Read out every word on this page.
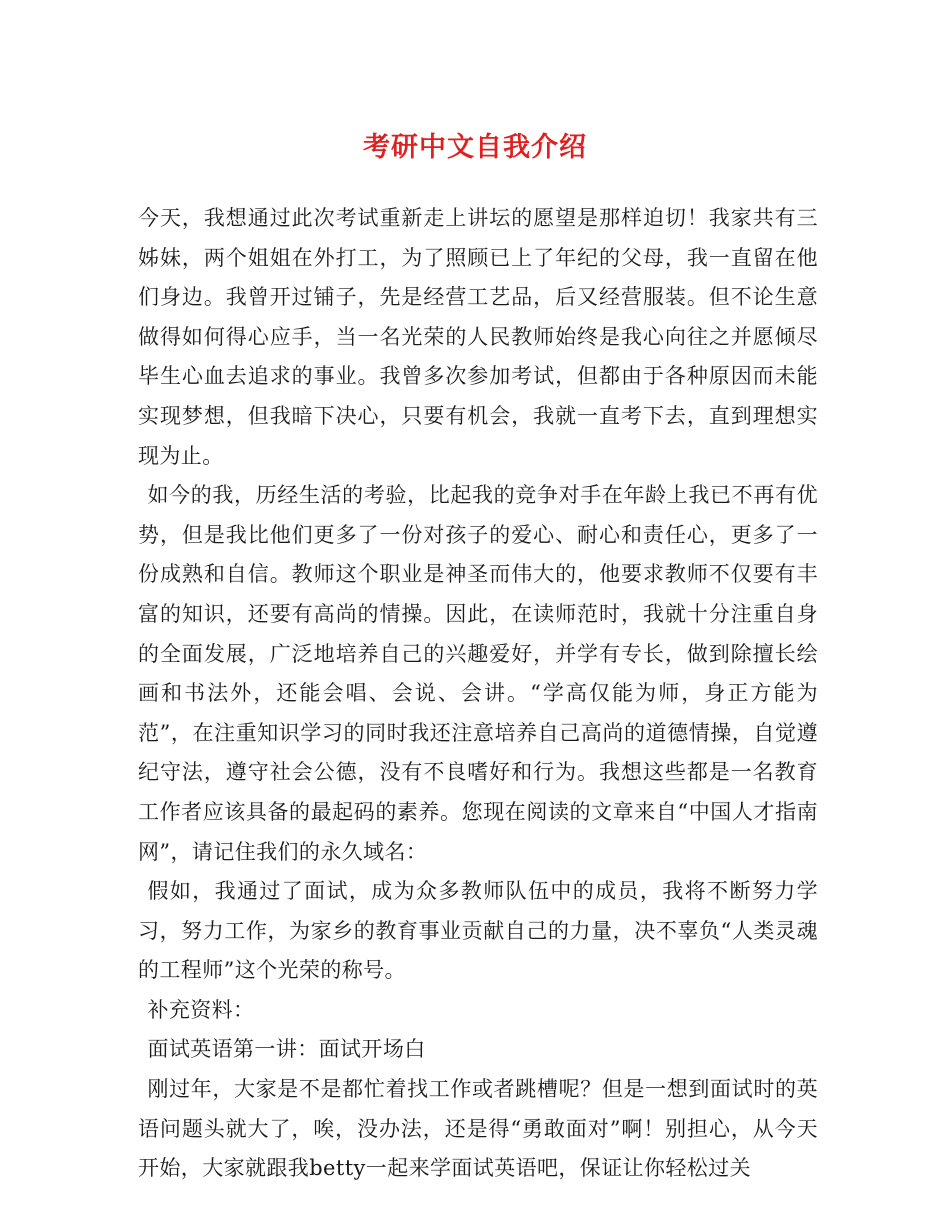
考研中文自我介绍

今天，我想通过此次考试重新走上讲坛的愿望是那样迫切！我家共有三姊妹，两个姐姐在外打工，为了照顾已上了年纪的父母，我一直留在他们身边。我曾开过铺子，先是经营工艺品，后又经营服装。但不论生意做得如何得心应手，当一名光荣的人民教师始终是我心向往之并愿倾尽毕生心血去追求的事业。我曾多次参加考试，但都由于各种原因而未能实现梦想，但我暗下决心，只要有机会，我就一直考下去，直到理想实现为止。

如今的我，历经生活的考验，比起我的竞争对手在年龄上我已不再有优势，但是我比他们更多了一份对孩子的爱心、耐心和责任心，更多了一份成熟和自信。教师这个职业是神圣而伟大的，他要求教师不仅要有丰富的知识，还要有高尚的情操。因此，在读师范时，我就十分注重自身的全面发展，广泛地培养自己的兴趣爱好，并学有专长，做到除擅长绘画和书法外，还能会唱、会说、会讲。“学高仅能为师，身正方能为范”，在注重知识学习的同时我还注意培养自己高尚的道德情操，自觉遵纪守法，遵守社会公德，没有不良嗜好和行为。我想这些都是一名教育工作者应该具备的最起码的素养。您现在阅读的文章来自“中国人才指南网”，请记住我们的永久域名：

假如，我通过了面试，成为众多教师队伍中的成员，我将不断努力学习，努力工作，为家乡的教育事业贡献自己的力量，决不辜负“人类灵魂的工程师”这个光荣的称号。

补充资料：

面试英语第一讲：面试开场白

刚过年，大家是不是都忙着找工作或者跳槽呢？但是一想到面试时的英语问题头就大了，唉，没办法，还是得“勇敢面对”啊！别担心，从今天开始，大家就跟我betty一起来学面试英语吧，保证让你轻松过关
